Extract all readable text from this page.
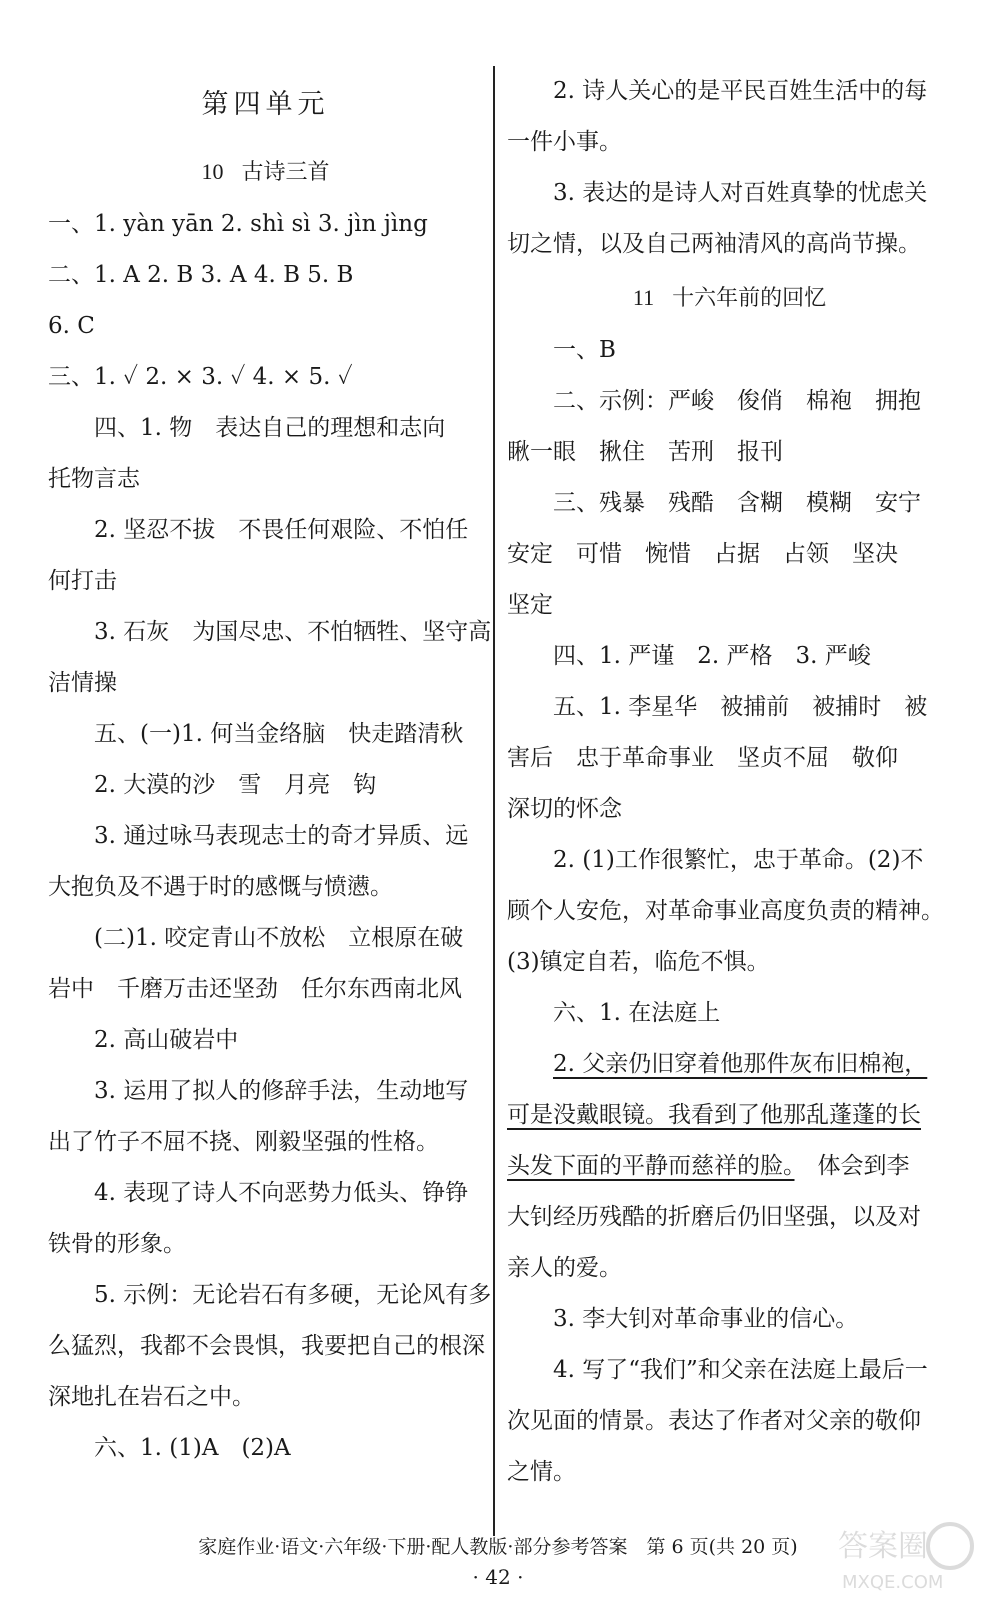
第四单元
10 古诗三首
一、1. yàn yān 2. shì sì 3. jìn jìng
二、1. A 2. B 3. A 4. B 5. B
6. C
三、1. ✓ 2. × 3. ✓ 4. × 5. ✓
四、1. 物　表达自己的理想和志向
托物言志
2. 坚忍不拔　不畏任何艰险、不怕任
何打击
3. 石灰　为国尽忠、不怕牺牲、坚守高
洁情操
五、(一)1. 何当金络脑　快走踏清秋
2. 大漠的沙　雪　月亮　钩
3. 通过咏马表现志士的奇才异质、远
大抱负及不遇于时的感慨与愤懑。
(二)1. 咬定青山不放松　立根原在破
岩中　千磨万击还坚劲　任尔东西南北风
2. 高山破岩中
3. 运用了拟人的修辞手法，生动地写
出了竹子不屈不挠、刚毅坚强的性格。
4. 表现了诗人不向恶势力低头、铮铮
铁骨的形象。
5. 示例：无论岩石有多硬，无论风有多
么猛烈，我都不会畏惧，我要把自己的根深
深地扎在岩石之中。
六、1. (1)A　(2)A
2. 诗人关心的是平民百姓生活中的每
一件小事。
3. 表达的是诗人对百姓真挚的忧虑关
切之情，以及自己两袖清风的高尚节操。
11 十六年前的回忆
一、B
二、示例：严峻　俊俏　棉袍　拥抱
瞅一眼　揪住　苦刑　报刊
三、残暴　残酷　含糊　模糊　安宁
安定　可惜　惋惜　占据　占领　坚决
坚定
四、1. 严谨　2. 严格　3. 严峻
五、1. 李星华　被捕前　被捕时　被
害后　忠于革命事业　坚贞不屈　敬仰
深切的怀念
2. (1)工作很繁忙，忠于革命。(2)不
顾个人安危，对革命事业高度负责的精神。
(3)镇定自若，临危不惧。
六、1. 在法庭上
2. 父亲仍旧穿着他那件灰布旧棉袍，
可是没戴眼镜。我看到了他那乱蓬蓬的长
头发下面的平静而慈祥的脸。　体会到李
大钊经历残酷的折磨后仍旧坚强，以及对
亲人的爱。
3. 李大钊对革命事业的信心。
4. 写了“我们”和父亲在法庭上最后一
次见面的情景。表达了作者对父亲的敬仰
之情。
家庭作业·语文·六年级·下册·配人教版·部分参考答案　第 6 页(共 20 页)
· 42 ·
答案圈
MXQE.COM
